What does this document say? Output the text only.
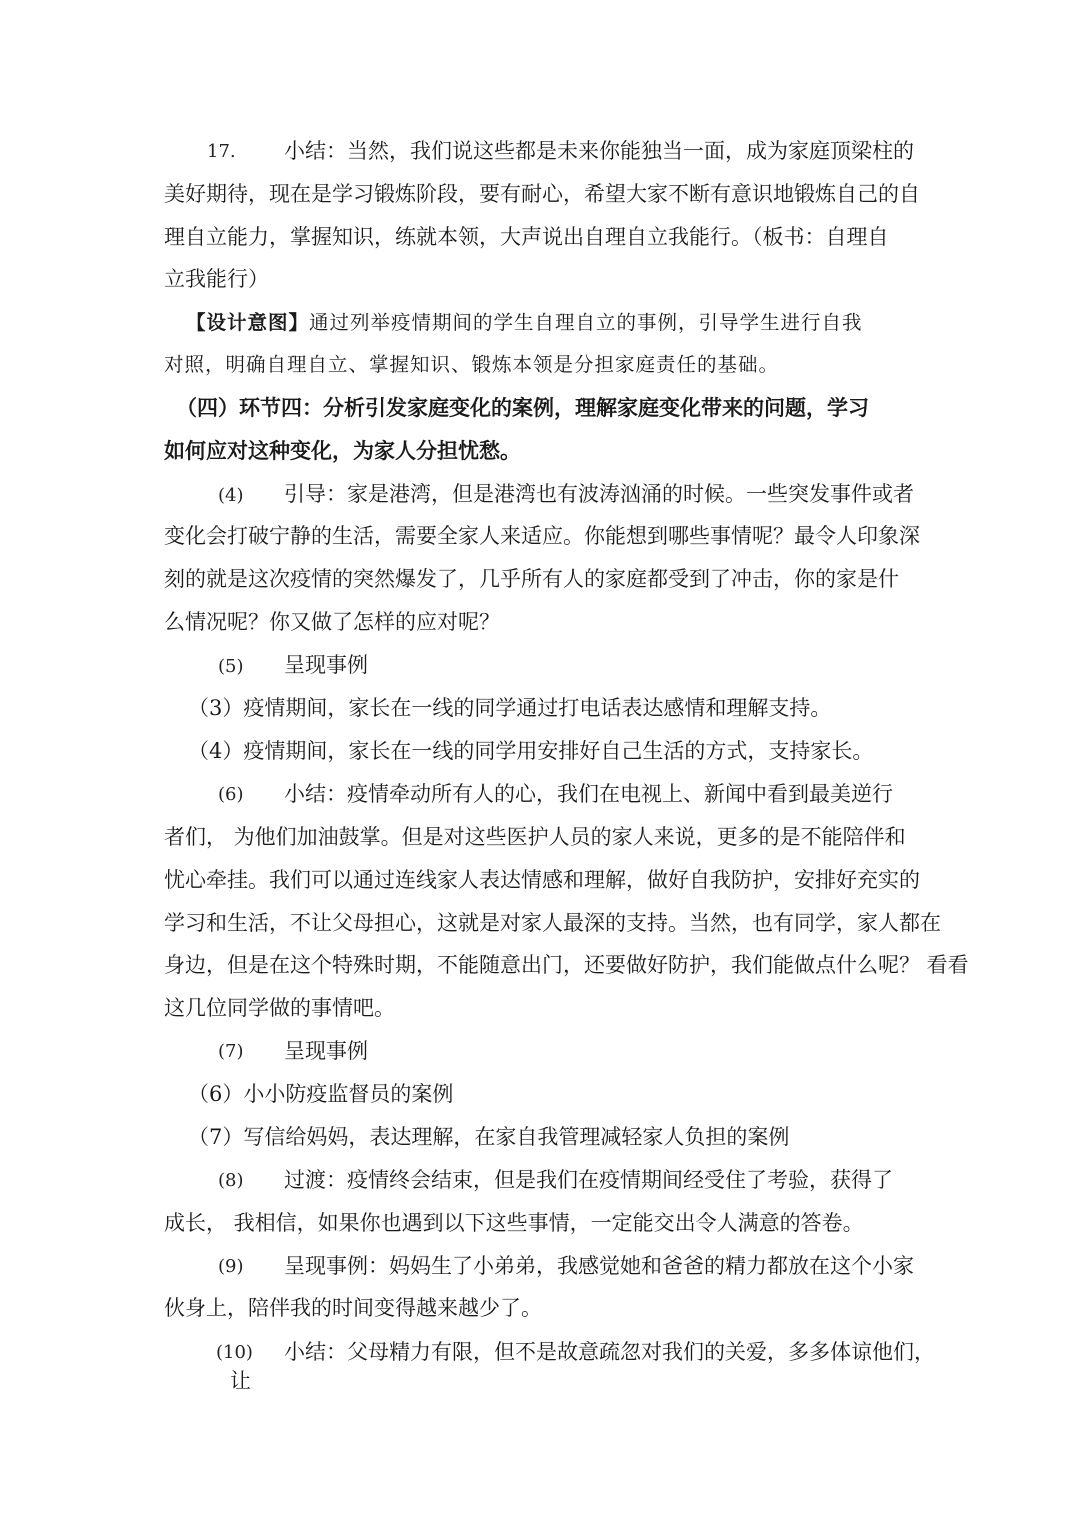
17. 小结：当然，我们说这些都是未来你能独当一面，成为家庭顶梁柱的
美好期待，现在是学习锻炼阶段，要有耐心，希望大家不断有意识地锻炼自己的自
理自立能力，掌握知识，练就本领，大声说出自理自立我能行。（板书：自理自
立我能行）
【设计意图】通过列举疫情期间的学生自理自立的事例，引导学生进行自我
对照，明确自理自立、掌握知识、锻炼本领是分担家庭责任的基础。
（四）环节四：分析引发家庭变化的案例，理解家庭变化带来的问题，学习
如何应对这种变化，为家人分担忧愁。
(4) 引导：家是港湾，但是港湾也有波涛汹涌的时候。一些突发事件或者
变化会打破宁静的生活，需要全家人来适应。你能想到哪些事情呢？最令人印象深
刻的就是这次疫情的突然爆发了，几乎所有人的家庭都受到了冲击，你的家是什
么情况呢？你又做了怎样的应对呢？
(5) 呈现事例
（3）疫情期间，家长在一线的同学通过打电话表达感情和理解支持。
（4）疫情期间，家长在一线的同学用安排好自己生活的方式，支持家长。
(6) 小结：疫情牵动所有人的心，我们在电视上、新闻中看到最美逆行
者们， 为他们加油鼓掌。但是对这些医护人员的家人来说，更多的是不能陪伴和
忧心牵挂。我们可以通过连线家人表达情感和理解，做好自我防护，安排好充实的
学习和生活，不让父母担心，这就是对家人最深的支持。当然，也有同学，家人都在
身边，但是在这个特殊时期，不能随意出门，还要做好防护，我们能做点什么呢？ 看看
这几位同学做的事情吧。
(7) 呈现事例
（6）小小防疫监督员的案例
（7）写信给妈妈，表达理解，在家自我管理减轻家人负担的案例
(8) 过渡：疫情终会结束，但是我们在疫情期间经受住了考验，获得了
成长， 我相信，如果你也遇到以下这些事情，一定能交出令人满意的答卷。
(9) 呈现事例：妈妈生了小弟弟，我感觉她和爸爸的精力都放在这个小家
伙身上，陪伴我的时间变得越来越少了。
(10) 小结：父母精力有限，但不是故意疏忽对我们的关爱，多多体谅他们，
让
